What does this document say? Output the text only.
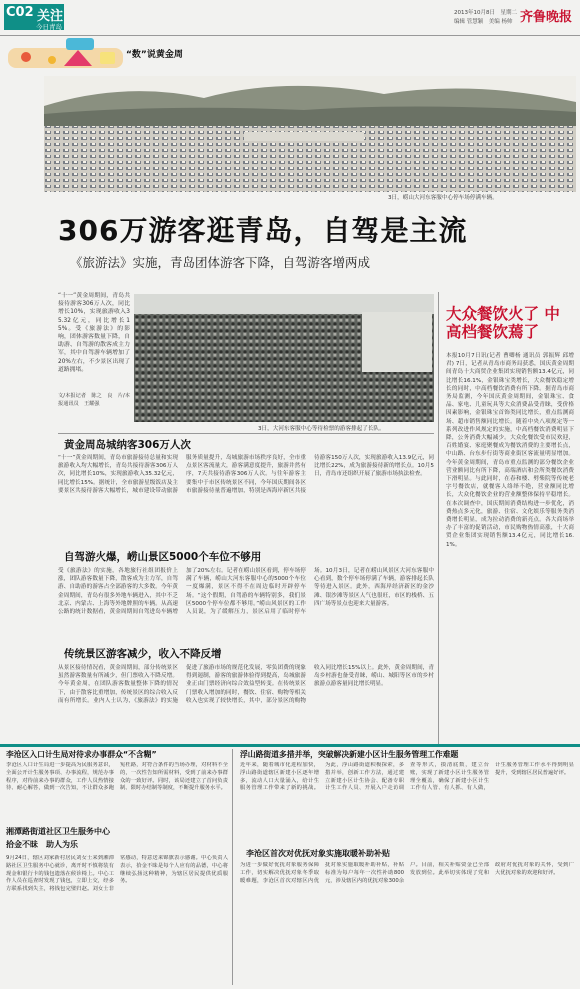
C02 关注
今日青岛
2013年10月8日　星期二
编辑 管慧颖　美编 杨帅 齐鲁晚报
“数”说黄金周
3日，崂山大河东客服中心停车场停满车辆。
306万游客逛青岛，自驾是主流
《旅游法》实施，青岛团体游客下降，自驾游客增两成
“十一”黄金周期间，青岛共接待游客306万人次，同比增长10%，实现旅游收入35.32亿元，同比增长15%。受《旅游法》的影响，团体游客数量下降，自助游、自驾游的散客成主力军，其中自驾游车辆增加了20%左右，不少景区出现了道路拥堵。
文/本报记者　陈之　良　片/本报通讯员　王耀强
3日，大河东客服中心等待检票的游客排起了长队。
大众餐饮火了 中高档餐饮蔫了
本报10月7日讯(记者 曹卿杨 通讯员 郭振辉 邱增君) 7日，记者从青岛市商务局获悉，国庆黄金周期间青岛十大商贸企业集团实现销售额13.4亿元，同比增长16.1%，金银珠宝类增长，大众餐饮稳定增长的同时，中高档餐饮消费有所下降。据青岛市商务局监测，今年国庆黄金周期间，金银珠宝、食品、家电、儿童玩具等大众消费品受青睐，受价格因素影响，金银珠宝首饰类同比增长，重点监测商场、超市销售额同比增长。随着中央八项规定等一系列改进作风规定的实施，中高档餐饮消费明显下降，公务消费大幅减少。大众化餐饮受市民欢迎，百姓婚宴、家庭聚餐成为餐饮消费的主要增长点，中山路、台东步行街等商业街区客流量明显增加。今年黄金周期间，青岛市重点监测的部分餐饮企业营业额同比有所下降，高端酒店和会所类餐饮消费下滑明显。与此同时，在春和楼、劈柴院等传统老字号餐饮店，就餐客人络绎不绝，营业额同比增长，大众化餐饮企业的营业额整体保持平稳增长。在本次调查中，国庆期间消费结构进一步优化，消费热点多元化，旅游、住宿、文化娱乐等服务类消费增长明显，成为拉动消费的新亮点。各大商场举办了丰富的促销活动，市民购物热情高涨，十大商贸企业集团实现销售额13.4亿元，同比增长16.1%。
黄金周岛城纳客306万人次
“十一”黄金周期间，青岛市旅游接待总量和实现旅游收入均大幅增长，青岛共接待游客306万人次，同比增长10%，实现旅游收入35.32亿元，同比增长15%。据统计，全市旅游星级饭店及主要景区共接待游客大幅增长，城市建设带动旅游服务质量提升，岛城旅游市场秩序良好，全市重点景区客流量大，游客满意度提升，旅游井然有序，7天共接待游客306万人次。与往年游客主要集中于市区传统景区不同，今年国庆期间各区市旅游接待量普遍增加，特别是西海岸新区共接待游客150万人次，实现旅游收入13.9亿元，同比增长22%，成为旅游接待新的增长点。10月5日，青岛市还组织开展了旅游市场执法检查。
自驾游火爆，崂山景区5000个车位不够用
受《旅游法》的实施，各地旅行社组团报价上涨，团队游客数量下降，散客成为主力军，自驾游、自助游的游客占全部游客的大多数。今年黄金周期间，青岛有很多外地车辆进入，其中不乏北京、内蒙古、上海等外地牌照的车辆。从高速公路的统计数据看，黄金周期间自驾进岛车辆增加了20%左右。记者在崂山景区看到，停车场停满了车辆，崂山大河东客服中心的5000个车位一度爆满，景区不得不在周边临时开辟停车场。“这个假期，自驾游的车辆特别多，我们景区5000个停车位都不够用。”崂山风景区的工作人员说，为了缓解压力，景区启用了临时停车场。10月3日，记者在崂山风景区大河东客服中心看到，数个停车场停满了车辆，游客排起长队等待进入景区。此外，西海岸经济新区的金沙滩、银沙滩等景区人气也很旺，市区的栈桥、五四广场等景点也迎来大量游客。
传统景区游客减少，收入不降反增
从景区接待情况看，黄金周期间，部分传统景区虽然游客数量有所减少，但门票收入不降反增。今年黄金周，在团队游客数量整体下降的情况下，由于散客比重增加，传统景区的综合收入反而有所增长。业内人士认为，《旅游法》的实施促进了旅游市场的规范化发展，零负团费的现象得到遏制，游客的旅游体验得到提高，岛城旅游业正由门票经济向综合效益型转变。在传统景区门票收入增加的同时，餐饮、住宿、购物等相关收入也实现了较快增长，其中，部分景区的购物收入同比增长15%以上。此外，黄金周期间，青岛乡村游也备受青睐，崂山、城阳等区市的乡村旅游点游客量同比增长明显。
李沧区入口计生局对待求办事群众“不含糊”
李沧区人口计生局进一步提高为民服务意识，全面公开计生服务事项、办事流程，规范办事程序，对待前来办事的群众，工作人员热情接待、耐心解答，做到一次告知，不让群众多跑冤枉路，对符合条件的当场办理，对材料不全的，一次性告知所需材料，受到了前来办事群众的一致好评。同时，该局还建立了首问负责制、限时办结制等制度，不断提升服务水平。
湘潭路街道社区卫生服务中心
拾金不昧　助人为乐
9月24日，辖区刘家新村居民刘女士来到湘潭路社区卫生服务中心就诊，离开时不慎将装有现金和银行卡的钱包遗落在候诊椅上。中心工作人员在巡查时发现了钱包，立即上交，经多方联系找到失主，将钱包完璧归赵。刘女士非常感动，特意送来锦旗表示感谢。中心负责人表示，拾金不昧是每个人应有的品德，中心将继续弘扬这种精神，为辖区居民提供优质服务。
浮山路街道多措并举，突破解决新建小区计生服务管理工作难题
近年来，随着城市化进程加快，浮山路街道辖区新建小区逐年增多，流动人口大量涌入，给计生服务管理工作带来了新的挑战。为此，浮山路街道积极探索，多措并举，创新工作方法，通过建立新建小区计生协会、配备专职计生工作人员、开展入户走访调查等形式，摸清底数，建立台账，实现了新建小区计生服务管理全覆盖，确保了新建小区计生工作有人管、有人抓、有人做，计生服务管理工作水平得到明显提升，受到辖区居民普遍好评。
李沧区首次对优抚对象实施取暖补助补贴
为进一步做好优抚对象服务保障工作，切实解决优抚对象冬季取暖难题，李沧区首次对辖区内优抚对象实施取暖补助补贴，补贴标准为每户每年一次性补助800元，涉及辖区内的优抚对象300余户。目前，相关补贴资金已全部发放到位。此举切实体现了党和政府对优抚对象的关怀，受到广大优抚对象的欢迎和好评。
